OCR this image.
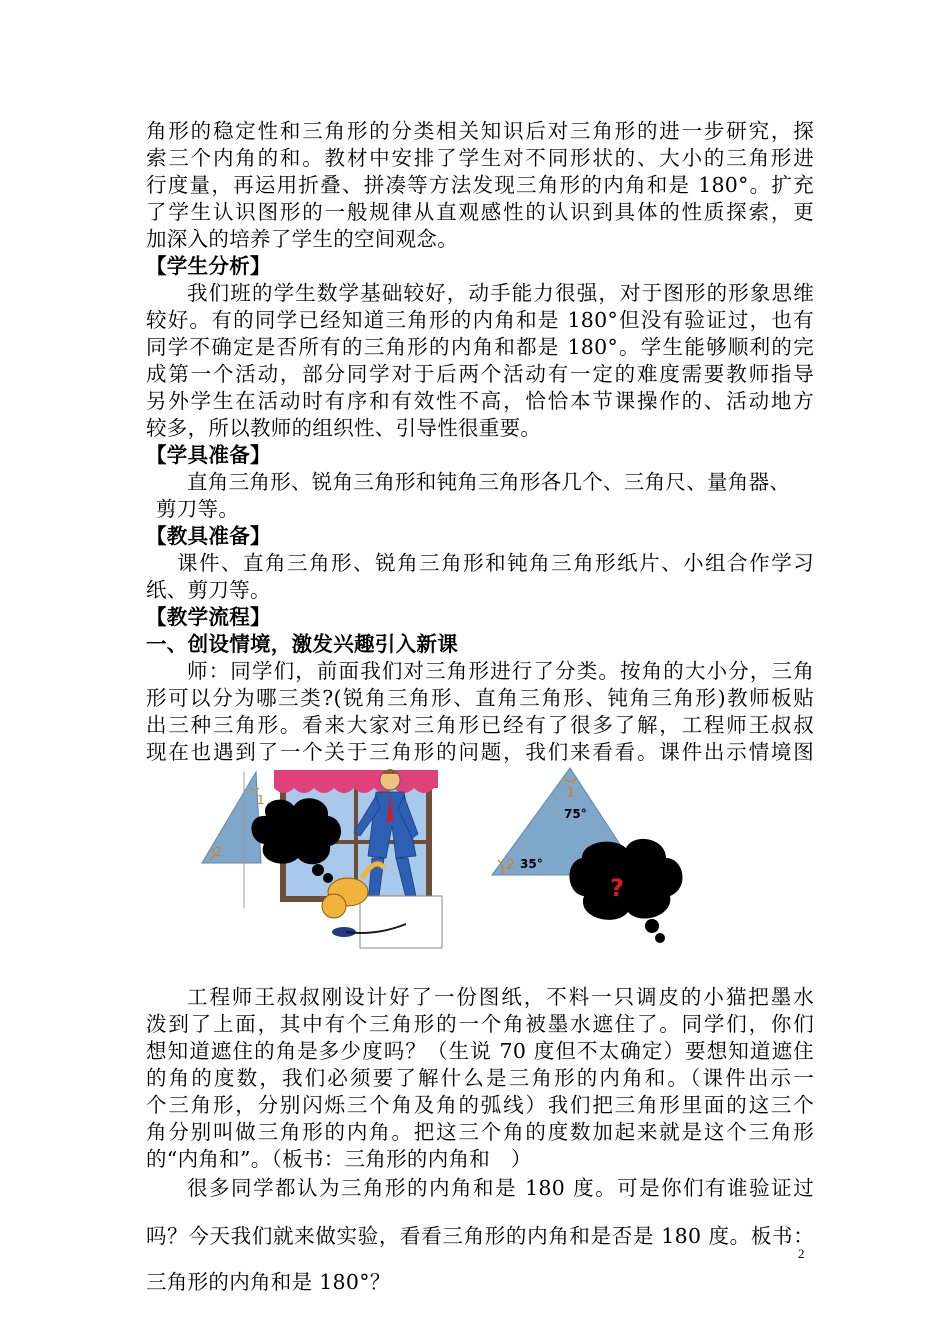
角形的稳定性和三角形的分类相关知识后对三角形的进一步研究，探
索三个内角的和。教材中安排了学生对不同形状的、大小的三角形进
行度量，再运用折叠、拼凑等方法发现三角形的内角和是 180°。扩充
了学生认识图形的一般规律从直观感性的认识到具体的性质探索，更
加深入的培养了学生的空间观念。
【学生分析】
我们班的学生数学基础较好，动手能力很强，对于图形的形象思维
较好。有的同学已经知道三角形的内角和是 180°但没有验证过，也有
同学不确定是否所有的三角形的内角和都是 180°。学生能够顺利的完
成第一个活动，部分同学对于后两个活动有一定的难度需要教师指导
另外学生在活动时有序和有效性不高，恰恰本节课操作的、活动地方
较多，所以教师的组织性、引导性很重要。
【学具准备】
直角三角形、锐角三角形和钝角三角形各几个、三角尺、量角器、
剪刀等。
【教具准备】
课件、直角三角形、锐角三角形和钝角三角形纸片、小组合作学习
纸、剪刀等。
【教学流程】
一、创设情境，激发兴趣引入新课
师：同学们，前面我们对三角形进行了分类。按角的大小分，三角
形可以分为哪三类?(锐角三角形、直角三角形、钝角三角形)教师板贴
出三种三角形。看来大家对三角形已经有了很多了解，工程师王叔叔
现在也遇到了一个关于三角形的问题，我们来看看。课件出示情境图
1
2
1
2
75°
35°
?
工程师王叔叔刚设计好了一份图纸，不料一只调皮的小猫把墨水
泼到了上面，其中有个三角形的一个角被墨水遮住了。同学们，你们
想知道遮住的角是多少度吗？（生说 70 度但不太确定）要想知道遮住
的角的度数，我们必须要了解什么是三角形的内角和。（课件出示一
个三角形，分别闪烁三个角及角的弧线）我们把三角形里面的这三个
角分别叫做三角形的内角。把这三个角的度数加起来就是这个三角形
的“内角和”。（板书：三角形的内角和　）
很多同学都认为三角形的内角和是 180 度。可是你们有谁验证过
吗？今天我们就来做实验，看看三角形的内角和是否是 180 度。板书：
三角形的内角和是 180°？
2
